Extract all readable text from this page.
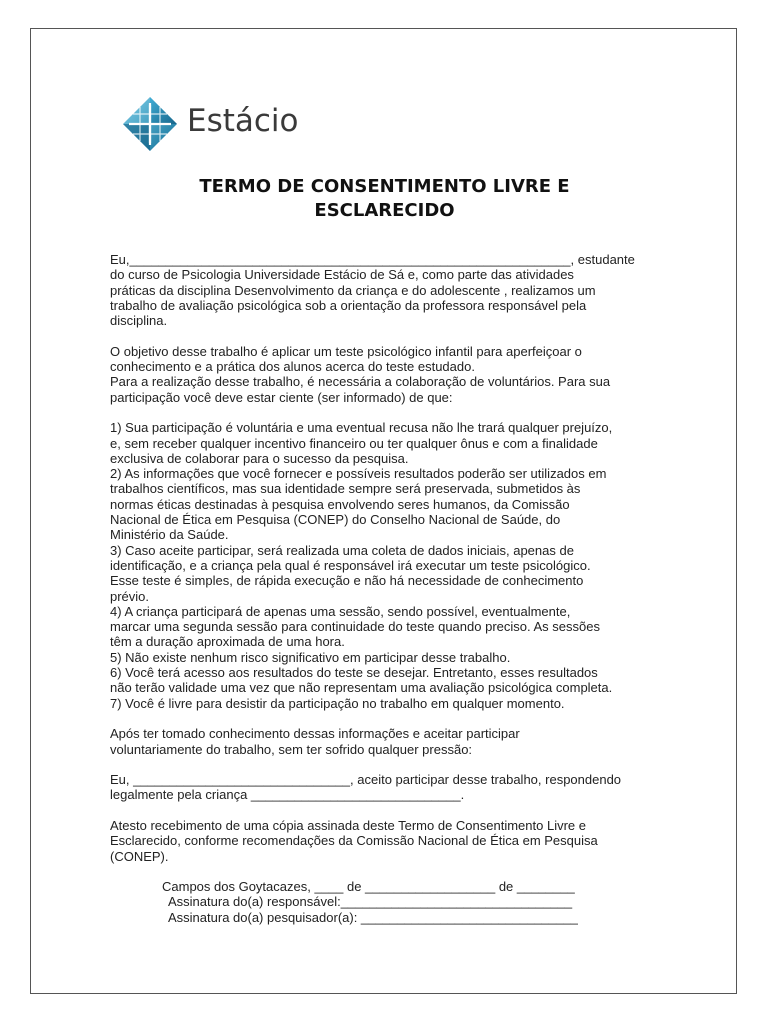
Estácio
TERMO DE CONSENTIMENTO LIVRE E
ESCLARECIDO

Eu,_____________________________________________________________, estudante

do curso de Psicologia Universidade Estácio de Sá e, como parte das atividades

práticas da disciplina Desenvolvimento da criança e do adolescente , realizamos um

trabalho de avaliação psicológica sob a orientação da professora responsável pela

disciplina.

O objetivo desse trabalho é aplicar um teste psicológico infantil para aperfeiçoar o

conhecimento e a prática dos alunos acerca do teste estudado.

Para a realização desse trabalho, é necessária a colaboração de voluntários. Para sua

participação você deve estar ciente (ser informado) de que:

1) Sua participação é voluntária e uma eventual recusa não lhe trará qualquer prejuízo,

e, sem receber qualquer incentivo financeiro ou ter qualquer ônus e com a finalidade

exclusiva de colaborar para o sucesso da pesquisa.

2) As informações que você fornecer e possíveis resultados poderão ser utilizados em

trabalhos científicos, mas sua identidade sempre será preservada, submetidos às

normas éticas destinadas à pesquisa envolvendo seres humanos, da Comissão

Nacional de Ética em Pesquisa (CONEP) do Conselho Nacional de Saúde, do

Ministério da Saúde.

3) Caso aceite participar, será realizada uma coleta de dados iniciais, apenas de

identificação, e a criança pela qual é responsável irá executar um teste psicológico.

Esse teste é simples, de rápida execução e não há necessidade de conhecimento

prévio.

4) A criança participará de apenas uma sessão, sendo possível, eventualmente,

marcar uma segunda sessão para continuidade do teste quando preciso. As sessões

têm a duração aproximada de uma hora.

5) Não existe nenhum risco significativo em participar desse trabalho.

6) Você terá acesso aos resultados do teste se desejar. Entretanto, esses resultados

não terão validade uma vez que não representam uma avaliação psicológica completa.

7) Você é livre para desistir da participação no trabalho em qualquer momento.

Após ter tomado conhecimento dessas informações e aceitar participar

voluntariamente do trabalho, sem ter sofrido qualquer pressão:

Eu, ______________________________, aceito participar desse trabalho, respondendo

legalmente pela criança _____________________________.

Atesto recebimento de uma cópia assinada deste Termo de Consentimento Livre e

Esclarecido, conforme recomendações da Comissão Nacional de Ética em Pesquisa

(CONEP).

Campos dos Goytacazes, ____ de __________________ de ________

Assinatura do(a) responsável:________________________________

Assinatura do(a) pesquisador(a): ______________________________
